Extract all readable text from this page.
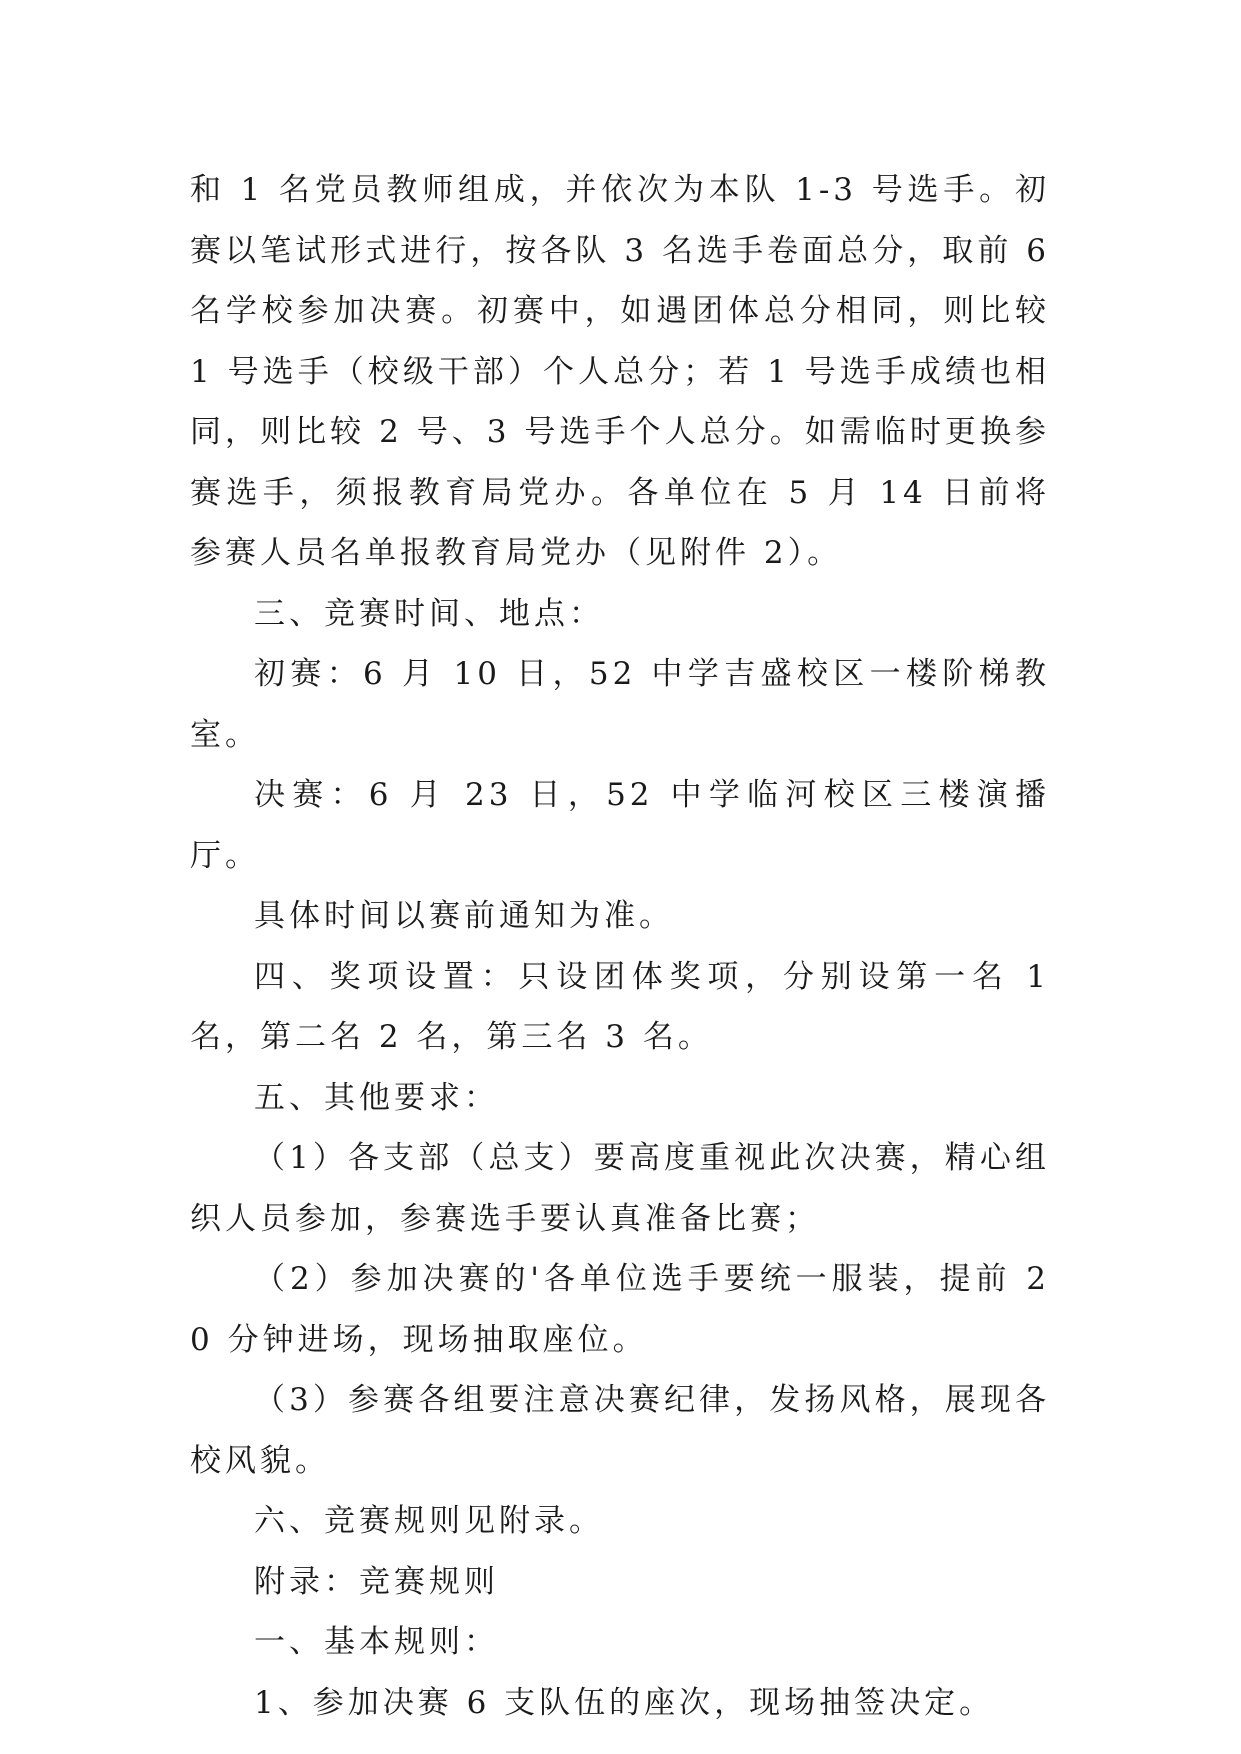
和 1 名党员教师组成，并依次为本队 1-3 号选手。初赛以笔试形式进行，按各队 3 名选手卷面总分，取前 6 名学校参加决赛。初赛中，如遇团体总分相同，则比较 1 号选手（校级干部）个人总分；若 1 号选手成绩也相同，则比较 2 号、3 号选手个人总分。如需临时更换参赛选手，须报教育局党办。各单位在 5 月 14 日前将参赛人员名单报教育局党办（见附件 2）。

三、竞赛时间、地点：

初赛：6 月 10 日，52 中学吉盛校区一楼阶梯教室。

决赛：6 月 23 日，52 中学临河校区三楼演播厅。

具体时间以赛前通知为准。

四、奖项设置：只设团体奖项，分别设第一名 1 名，第二名 2 名，第三名 3 名。

五、其他要求：

（1）各支部（总支）要高度重视此次决赛，精心组织人员参加，参赛选手要认真准备比赛；

（2）参加决赛的'各单位选手要统一服装，提前 20 分钟进场，现场抽取座位。

（3）参赛各组要注意决赛纪律，发扬风格，展现各校风貌。

六、竞赛规则见附录。

附录：竞赛规则

一、基本规则：

1、参加决赛 6 支队伍的座次，现场抽签决定。
